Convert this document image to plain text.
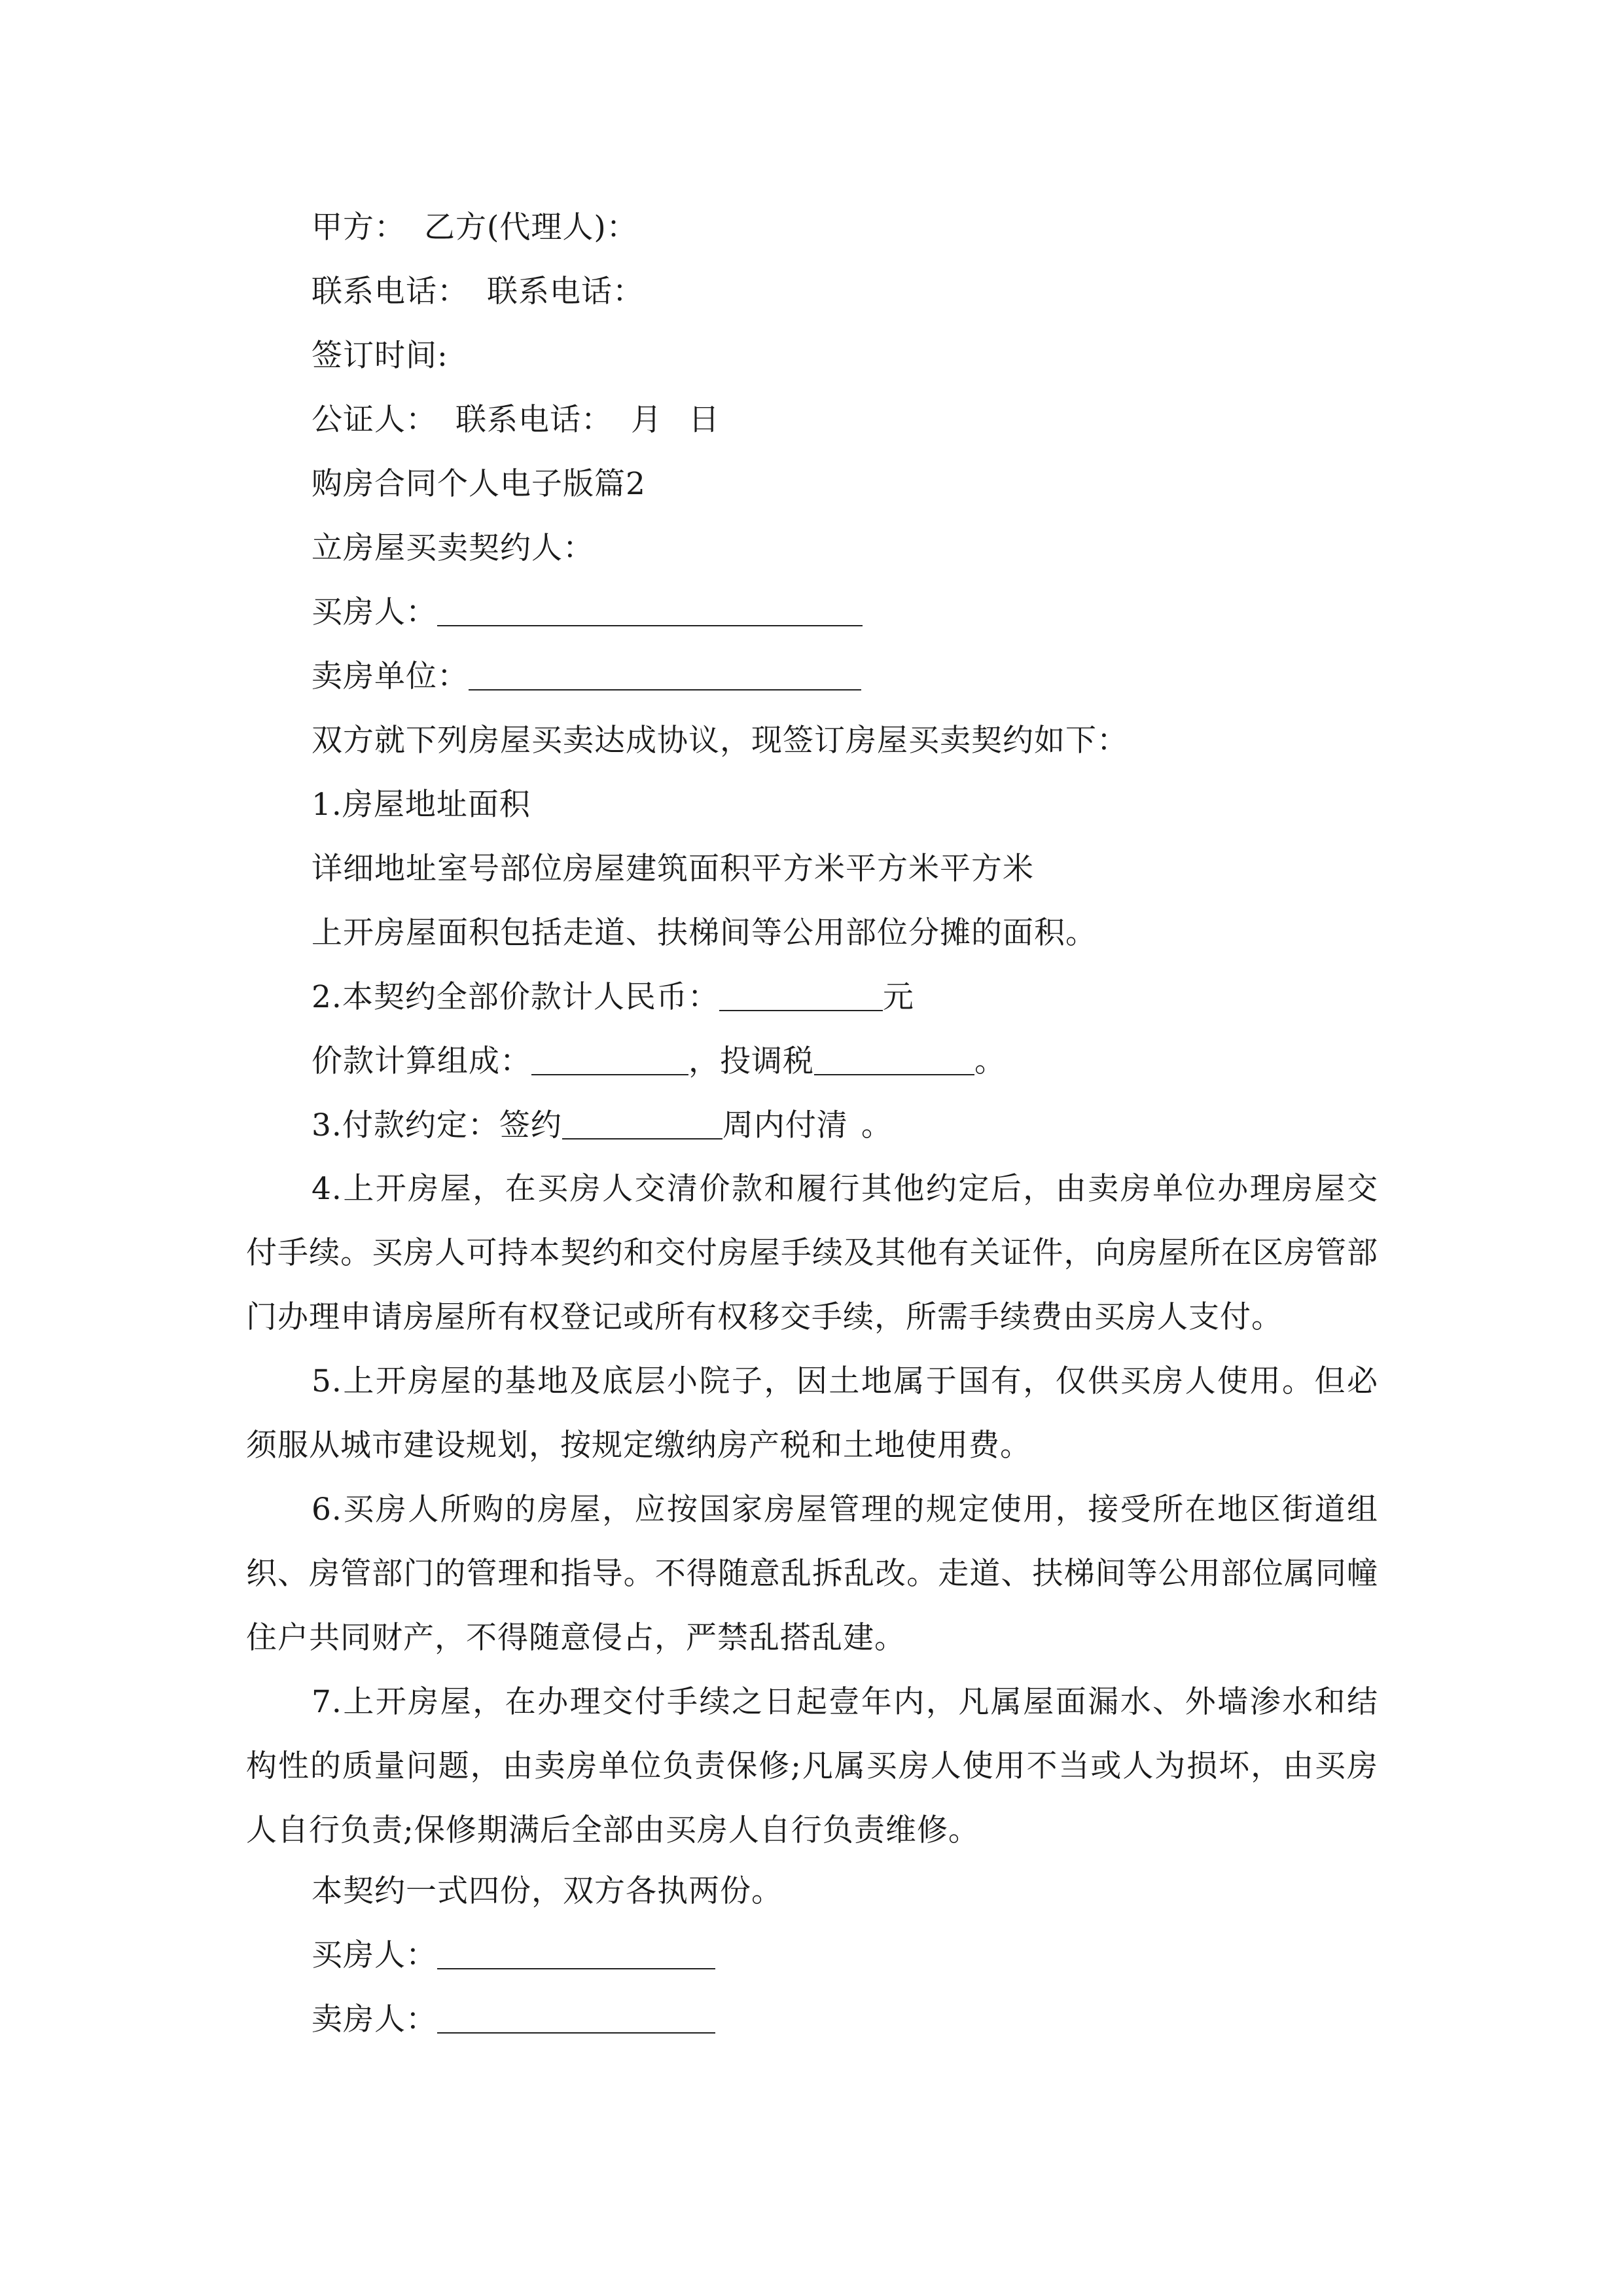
甲方： 乙方(代理人)：
联系电话： 联系电话：
签订时间:
公证人： 联系电话： 月 日
购房合同个人电子版篇2
立房屋买卖契约人：
买房人：
卖房单位：
双方就下列房屋买卖达成协议，现签订房屋买卖契约如下：
1.房屋地址面积
详细地址室号部位房屋建筑面积平方米平方米平方米
上开房屋面积包括走道、扶梯间等公用部位分摊的面积。
2.本契约全部价款计人民币：	元
价款计算组成：	，投调税	。
3.付款约定：签约	周内付清 。
4.上开房屋，在买房人交清价款和履行其他约定后，由卖房单位办理房屋交付手续。买房人可持本契约和交付房屋手续及其他有关证件，向房屋所在区房管部门办理申请房屋所有权登记或所有权移交手续，所需手续费由买房人支付。
5.上开房屋的基地及底层小院子，因土地属于国有，仅供买房人使用。但必须服从城市建设规划，按规定缴纳房产税和土地使用费。
6.买房人所购的房屋，应按国家房屋管理的规定使用，接受所在地区街道组织、房管部门的管理和指导。不得随意乱拆乱改。走道、扶梯间等公用部位属同幢住户共同财产，不得随意侵占，严禁乱搭乱建。
7.上开房屋，在办理交付手续之日起壹年内，凡属屋面漏水、外墙渗水和结构性的质量问题，由卖房单位负责保修;凡属买房人使用不当或人为损坏，由买房人自行负责;保修期满后全部由买房人自行负责维修。
本契约一式四份，双方各执两份。
买房人：
卖房人：
